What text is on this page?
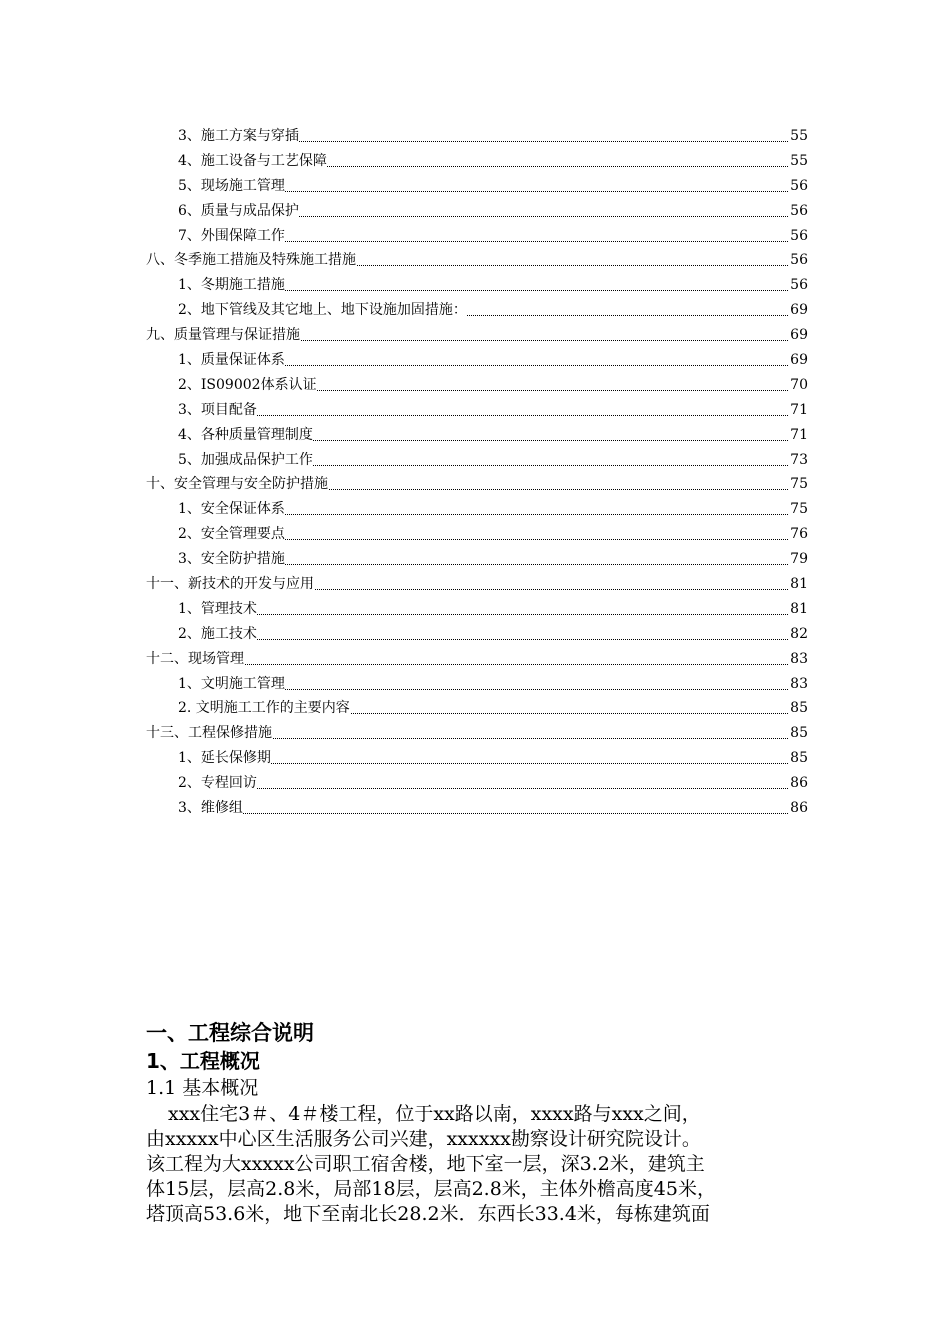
3、施工方案与穿插	55
4、施工设备与工艺保障	55
5、现场施工管理	56
6、质量与成品保护	56
7、外围保障工作	56
八、冬季施工措施及特殊施工措施	56
1、冬期施工措施	56
2、地下管线及其它地上、地下设施加固措施：	69
九、质量管理与保证措施	69
1、质量保证体系	69
2、IS09002体系认证	70
3、项目配备	71
4、各种质量管理制度	71
5、加强成品保护工作	73
十、安全管理与安全防护措施	75
1、安全保证体系	75
2、安全管理要点	76
3、安全防护措施	79
十一、新技术的开发与应用	81
1、管理技术	81
2、施工技术	82
十二、现场管理	83
1、文明施工管理	83
2. 文明施工工作的主要内容	85
十三、工程保修措施	85
1、延长保修期	85
2、专程回访	86
3、维修组	86

一、工程综合说明

1、工程概况

1.1 基本概况

xxx住宅3＃、4＃楼工程，位于xx路以南，xxxx路与xxx之间，
由xxxxx中心区生活服务公司兴建，xxxxxx勘察设计研究院设计。
该工程为大xxxxx公司职工宿舍楼，地下室一层，深3.2米，建筑主
体15层，层高2.8米，局部18层，层高2.8米，主体外檐高度45米，
塔顶高53.6米，地下至南北长28.2米．东西长33.4米，每栋建筑面
